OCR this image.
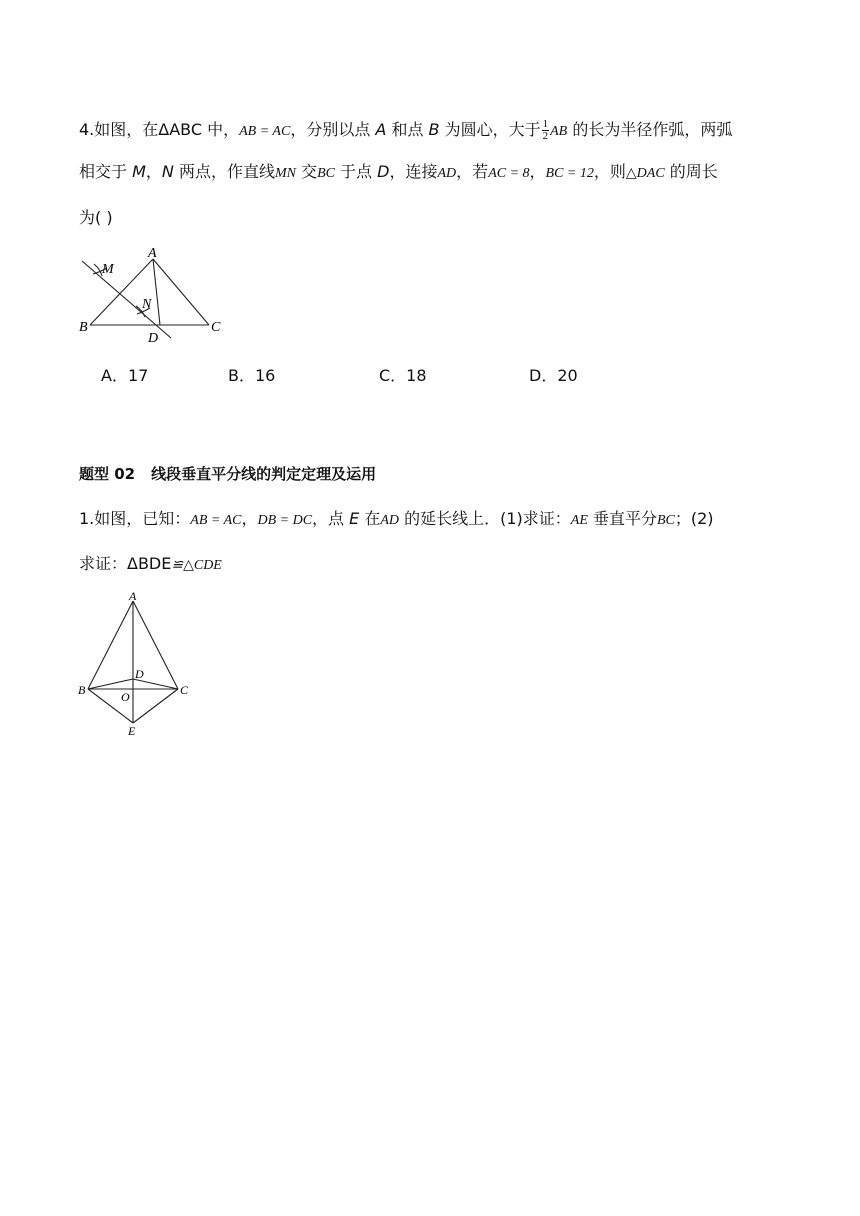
4.如图，在ΔABC 中，AB = AC，分别以点 A 和点 B 为圆心，大于 $\frac{1}{2}$ AB 的长为半径作弧，两弧
相交于 M，N 两点，作直线MN 交BC 于点 D，连接AD，若AC = 8，BC = 12，则△DAC 的周长
为( )
A
M
N
B
D
C
A．17	B．16	C．18	D．20
题型 02 线段垂直平分线的判定定理及运用
1.如图，已知：AB = AC，DB = DC，点 E 在AD 的延长线上．(1)求证：AE 垂直平分BC；(2)
求证：ΔBDE≌△CDE
A
B
D
O	C
E
